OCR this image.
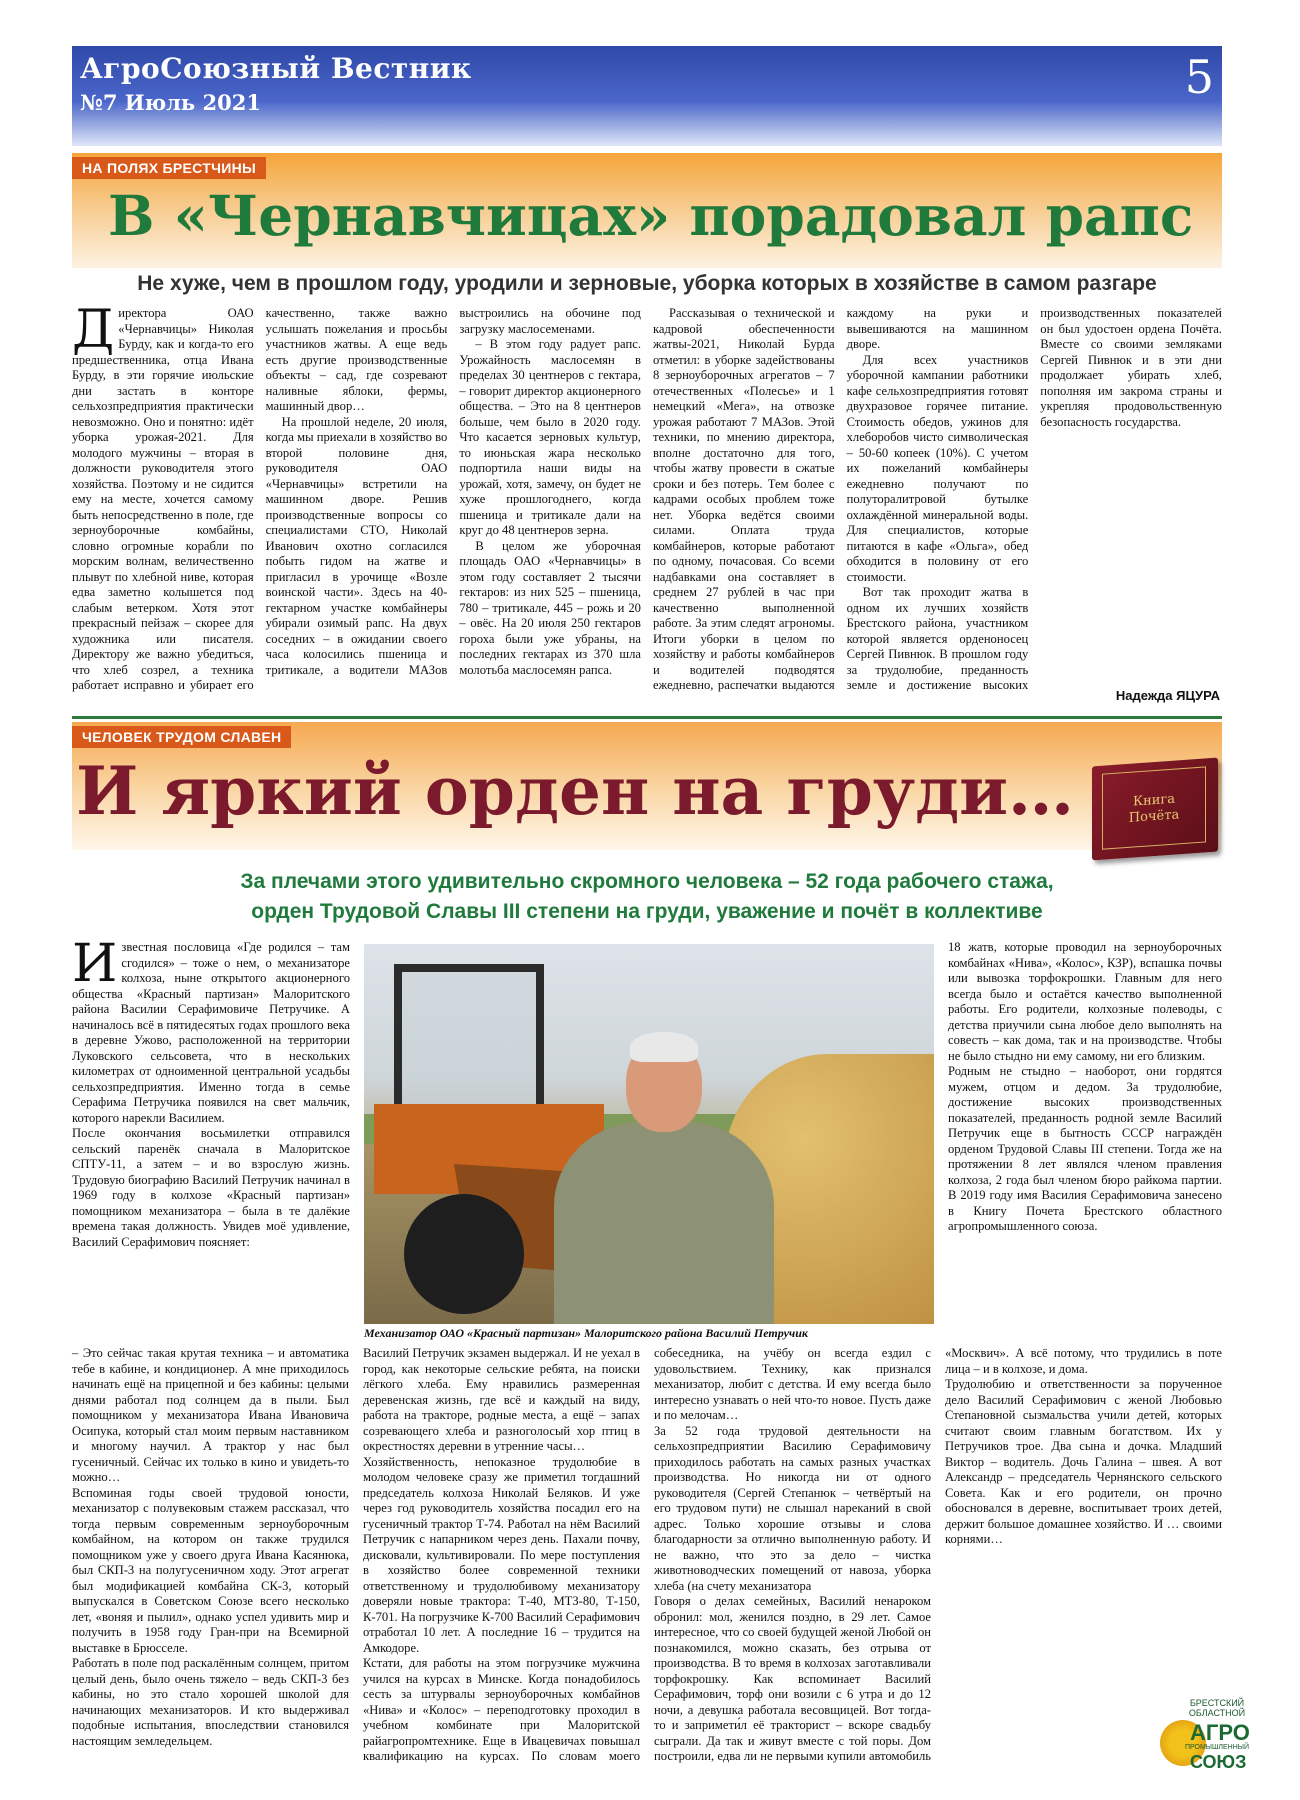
АгроСоюзный Вестник
№7 Июль 2021	5
НА ПОЛЯХ БРЕСТЧИНЫ
В «Чернавчицах» порадовал рапс
Не хуже, чем в прошлом году, уродили и зерновые, уборка которых в хозяйстве в самом разгаре

Директора ОАО «Чернавчицы» Николая Бурду, как и когда-то его предшественника, отца Ивана Бурду, в эти горячие июльские дни застать в конторе сельхозпредприятия практически невозможно. Оно и понятно: идёт уборка урожая-2021. Для молодого мужчины – вторая в должности руководителя этого хозяйства. Поэтому и не сидится ему на месте, хочется самому быть непосредственно в поле, где зерноуборочные комбайны, словно огромные корабли по морским волнам, величественно плывут по хлебной ниве, которая едва заметно колышется под слабым ветерком. Хотя этот прекрасный пейзаж – скорее для художника или писателя. Директору же важно убедиться, что хлеб созрел, а техника работает исправно и убирает его качественно, также важно услышать пожелания и просьбы участников жатвы. А еще ведь есть другие производственные объекты – сад, где созревают наливные яблоки, фермы, машинный двор…

На прошлой неделе, 20 июля, когда мы приехали в хозяйство во второй половине дня, руководителя ОАО «Чернавчицы» встретили на машинном дворе. Решив производственные вопросы со специалистами СТО, Николай Иванович охотно согласился побыть гидом на жатве и пригласил в урочище «Возле воинской части». Здесь на 40-гектарном участке комбайнеры убирали озимый рапс. На двух соседних – в ожидании своего часа колосились пшеница и тритикале, а водители МАЗов выстроились на обочине под загрузку маслосеменами.

– В этом году радует рапс. Урожайность маслосемян в пределах 30 центнеров с гектара, – говорит директор акционерного общества. – Это на 8 центнеров больше, чем было в 2020 году. Что касается зерновых культур, то июньская жара несколько подпортила наши виды на урожай, хотя, замечу, он будет не хуже прошлогоднего, когда пшеница и тритикале дали на круг до 48 центнеров зерна.

В целом же уборочная площадь ОАО «Чернавчицы» в этом году составляет 2 тысячи гектаров: из них 525 – пшеница, 780 – тритикале, 445 – рожь и 20 – овёс. На 20 июля 250 гектаров гороха были уже убраны, на последних гектарах из 370 шла молотьба маслосемян рапса.

Рассказывая о технической и кадровой обеспеченности жатвы-2021, Николай Бурда отметил: в уборке задействованы 8 зерноуборочных агрегатов – 7 отечественных «Полесье» и 1 немецкий «Мега», на отвозке урожая работают 7 МАЗов. Этой техники, по мнению директора, вполне достаточно для того, чтобы жатву провести в сжатые сроки и без потерь. Тем более с кадрами особых проблем тоже нет. Уборка ведётся своими силами. Оплата труда комбайнеров, которые работают по одному, почасовая. Со всеми надбавками она составляет в среднем 27 рублей в час при качественно выполненной работе. За этим следят агрономы. Итоги уборки в целом по хозяйству и работы комбайнеров и водителей подводятся ежедневно, распечатки выдаются каждому на руки и вывешиваются на машинном дворе.

Для всех участников уборочной кампании работники кафе сельхозпредприятия готовят двухразовое горячее питание. Стоимость обедов, ужинов для хлеборобов чисто символическая – 50-60 копеек (10%). С учетом их пожеланий комбайнеры ежедневно получают по полуторалитровой бутылке охлаждённой минеральной воды. Для специалистов, которые питаются в кафе «Ольга», обед обходится в половину от его стоимости.

Вот так проходит жатва в одном их лучших хозяйств Брестского района, участником которой является орденоносец Сергей Пивнюк. В прошлом году за трудолюбие, преданность земле и достижение высоких производственных показателей он был удостоен ордена Почёта. Вместе со своими земляками Сергей Пивнюк и в эти дни продолжает убирать хлеб, пополняя им закрома страны и укрепляя продовольственную безопасность государства.

Надежда ЯЦУРА
ЧЕЛОВЕК ТРУДОМ СЛАВЕН
И яркий орден на груди…	Книга
Почёта
За плечами этого удивительно скромного человека – 52 года рабочего стажа,
орден Трудовой Славы III степени на груди, уважение и почёт в коллективе

Известная пословица «Где родился – там сгодился» – тоже о нем, о механизаторе колхоза, ныне открытого акционерного общества «Красный партизан» Малоритского района Василии Серафимовиче Петручике. А начиналось всё в пятидесятых годах прошлого века в деревне Ужово, расположенной на территории Луковского сельсовета, что в нескольких километрах от одноименной центральной усадьбы сельхозпредприятия. Именно тогда в семье Серафима Петручика появился на свет мальчик, которого нарекли Василием.

После окончания восьмилетки отправился сельский паренёк сначала в Малоритское СПТУ-11, а затем – и во взрослую жизнь. Трудовую биографию Василий Петручик начинал в 1969 году в колхозе «Красный партизан» помощником механизатора – была в те далёкие времена такая должность. Увидев моё удивление, Василий Серафимович поясняет:

Механизатор ОАО «Красный партизан» Малоритского района Василий Петручик

18 жатв, которые проводил на зерноуборочных комбайнах «Нива», «Колос», КЗР), вспашка почвы или вывозка торфокрошки. Главным для него всегда было и остаётся качество выполненной работы. Его родители, колхозные полеводы, с детства приучили сына любое дело выполнять на совесть – как дома, так и на производстве. Чтобы не было стыдно ни ему самому, ни его близким.

Родным не стыдно – наоборот, они гордятся мужем, отцом и дедом. За трудолюбие, достижение высоких производственных показателей, преданность родной земле Василий Петручик еще в бытность СССР награждён орденом Трудовой Славы III степени. Тогда же на протяжении 8 лет являлся членом правления колхоза, 2 года был членом бюро райкома партии. В 2019 году имя Василия Серафимовича занесено в Книгу Почета Брестского областного агропромышленного союза.

– Это сейчас такая крутая техника – и автоматика тебе в кабине, и кондиционер. А мне приходилось начинать ещё на прицепной и без кабины: целыми днями работал под солнцем да в пыли. Был помощником у механизатора Ивана Ивановича Осипука, который стал моим первым наставником и многому научил. А трактор у нас был гусеничный. Сейчас их только в кино и увидеть-то можно…

Вспоминая годы своей трудовой юности, механизатор с полувековым стажем рассказал, что тогда первым современным зерноуборочным комбайном, на котором он также трудился помощником уже у своего друга Ивана Касянюка, был СКП-3 на полугусеничном ходу. Этот агрегат был модификацией комбайна СК-3, который выпускался в Советском Союзе всего несколько лет, «воняя и пылил», однако успел удивить мир и получить в 1958 году Гран-при на Всемирной выставке в Брюсселе.

Работать в поле под раскалённым солнцем, притом целый день, было очень тяжело – ведь СКП-3 без кабины, но это стало хорошей школой для начинающих механизаторов. И кто выдерживал подобные испытания, впоследствии становился настоящим земледельцем.

Василий Петручик экзамен выдержал. И не уехал в город, как некоторые сельские ребята, на поиски лёгкого хлеба. Ему нравились размеренная деревенская жизнь, где всё и каждый на виду, работа на тракторе, родные места, а ещё – запах созревающего хлеба и разноголосый хор птиц в окрестностях деревни в утренние часы…

Хозяйственность, непоказное трудолюбие в молодом человеке сразу же приметил тогдашний председатель колхоза Николай Беляков. И уже через год руководитель хозяйства посадил его на гусеничный трактор Т-74. Работал на нём Василий Петручик с напарником через день. Пахали почву, дисковали, культивировали. По мере поступления в хозяйство более современной техники ответственному и трудолюбивому механизатору доверяли новые трактора: Т-40, МТЗ-80, Т-150, К-701. На погрузчике К-700 Василий Серафимович отработал 10 лет. А последние 16 – трудится на Амкодоре.

Кстати, для работы на этом погрузчике мужчина учился на курсах в Минске. Когда понадобилось сесть за штурвалы зерноуборочных комбайнов «Нива» и «Колос» – переподготовку проходил в учебном комбинате при Малоритской райагропромтехнике. Еще в Ивацевичах повышал квалификацию на курсах. По словам моего собеседника, на учёбу он всегда ездил с удовольствием. Технику, как признался механизатор, любит с детства. И ему всегда было интересно узнавать о ней что-то новое. Пусть даже и по мелочам…

За 52 года трудовой деятельности на сельхозпредприятии Василию Серафимовичу приходилось работать на самых разных участках производства. Но никогда ни от одного руководителя (Сергей Степанюк – четвёртый на его трудовом пути) не слышал нареканий в свой адрес. Только хорошие отзывы и слова благодарности за отлично выполненную работу. И не важно, что это за дело – чистка животноводческих помещений от навоза, уборка хлеба (на счету механизатора

Говоря о делах семейных, Василий ненароком обронил: мол, женился поздно, в 29 лет. Самое интересное, что со своей будущей женой Любой он познакомился, можно сказать, без отрыва от производства. В то время в колхозах заготавливали торфокрошку. Как вспоминает Василий Серафимович, торф они возили с 6 утра и до 12 ночи, а девушка работала весовщицей. Вот тогда-то и запримети́л её тракторист – вскоре свадьбу сыграли. Да так и живут вместе с той поры. Дом построили, едва ли не первыми купили автомобиль «Москвич». А всё потому, что трудились в поте лица – и в колхозе, и дома.

Трудолюбию и ответственности за порученное дело Василий Серафимович с женой Любовью Степановной сызмальства учили детей, которых считают своим главным богатством. Их у Петручиков трое. Два сына и дочка. Младший Виктор – водитель. Дочь Галина – швея. А вот Александр – председатель Чернянского сельского Совета. Как и его родители, он прочно обосновался в деревне, воспитывает троих детей, держит большое домашнее хозяйство. И … своими корнями…

БРЕСТСКИЙ ОБЛАСТНОЙ
АГРО
ПРОМЫШЛЕННЫЙ
СОЮЗ
